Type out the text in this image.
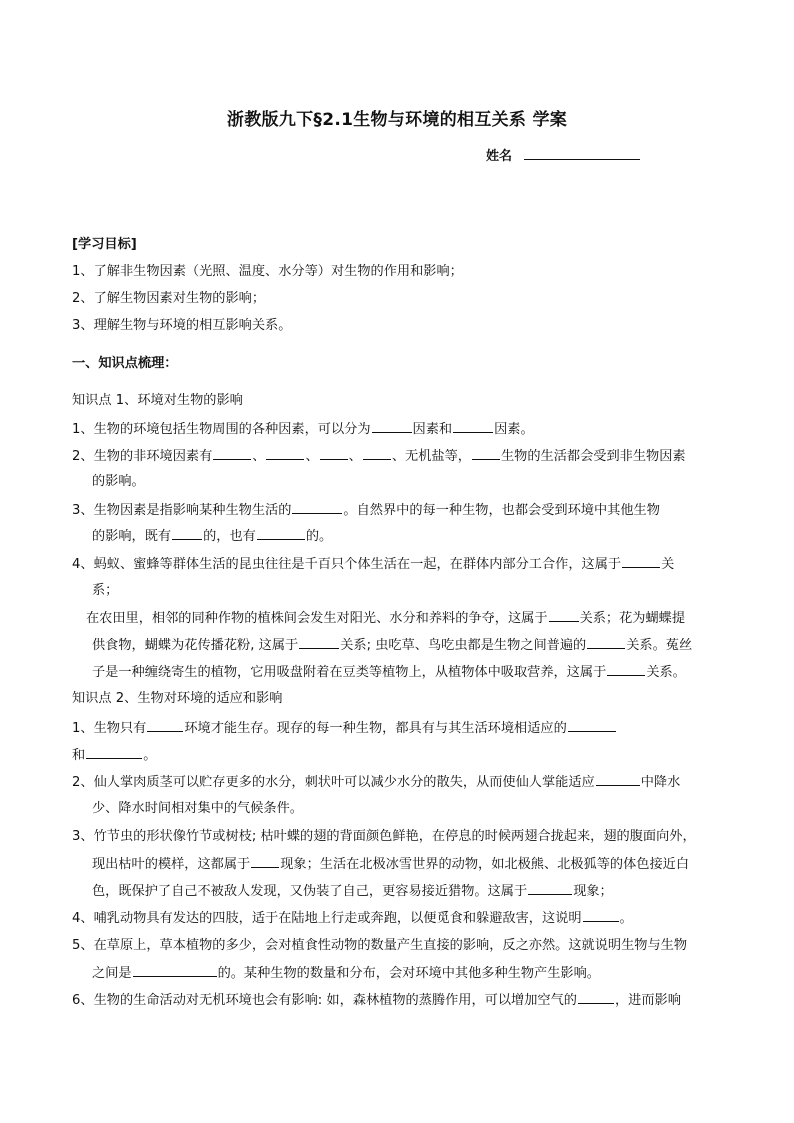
浙教版九下§2.1生物与环境的相互关系 学案
姓名
[学习目标]
1、了解非生物因素（光照、温度、水分等）对生物的作用和影响；
2、了解生物因素对生物的影响；
3、理解生物与环境的相互影响关系。
一、知识点梳理：
知识点 1、环境对生物的影响
1、生物的环境包括生物周围的各种因素，可以分为	因素和	因素。
2、生物的非环境因素有	、	、 、 、无机盐等， 生物的生活都会受到非生物因素
的影响。
3、生物因素是指影响某种生物生活的	。自然界中的每一种生物，也都会受到环境中其他生物
的影响，既有 的，也有	的。
4、蚂蚁、蜜蜂等群体生活的昆虫往往是千百只个体生活在一起，在群体内部分工合作，这属于	关
系；
在农田里，相邻的同种作物的植株间会发生对阳光、水分和养料的争夺，这属于 关系；花为蝴蝶提
供食物，蝴蝶为花传播花粉, 这属于	关系; 虫吃草、鸟吃虫都是生物之间普遍的	关系。菟丝
子是一种缠绕寄生的植物，它用吸盘附着在豆类等植物上，从植物体中吸取营养，这属于	关系。
知识点 2、生物对环境的适应和影响
1、生物只有	环境才能生存。现存的每一种生物，都具有与其生活环境相适应的
和	。
2、仙人掌肉质茎可以贮存更多的水分，刺状叶可以减少水分的散失，从而使仙人掌能适应	中降水
少、降水时间相对集中的气候条件。
3、竹节虫的形状像竹节或树枝; 枯叶蝶的翅的背面颜色鲜艳，在停息的时候两翅合拢起来，翅的腹面向外，
现出枯叶的模样，这都属于 现象；生活在北极冰雪世界的动物，如北极熊、北极狐等的体色接近白
色，既保护了自己不被敌人发现，又伪装了自己，更容易接近猎物。这属于	现象；
4、哺乳动物具有发达的四肢，适于在陆地上行走或奔跑，以便觅食和躲避敌害，这说明	。
5、在草原上，草本植物的多少，会对植食性动物的数量产生直接的影响，反之亦然。这就说明生物与生物
之间是	的。某种生物的数量和分布，会对环境中其他多种生物产生影响。
6、生物的生命活动对无机环境也会有影响: 如，森林植物的蒸腾作用，可以增加空气的	，进而影响
